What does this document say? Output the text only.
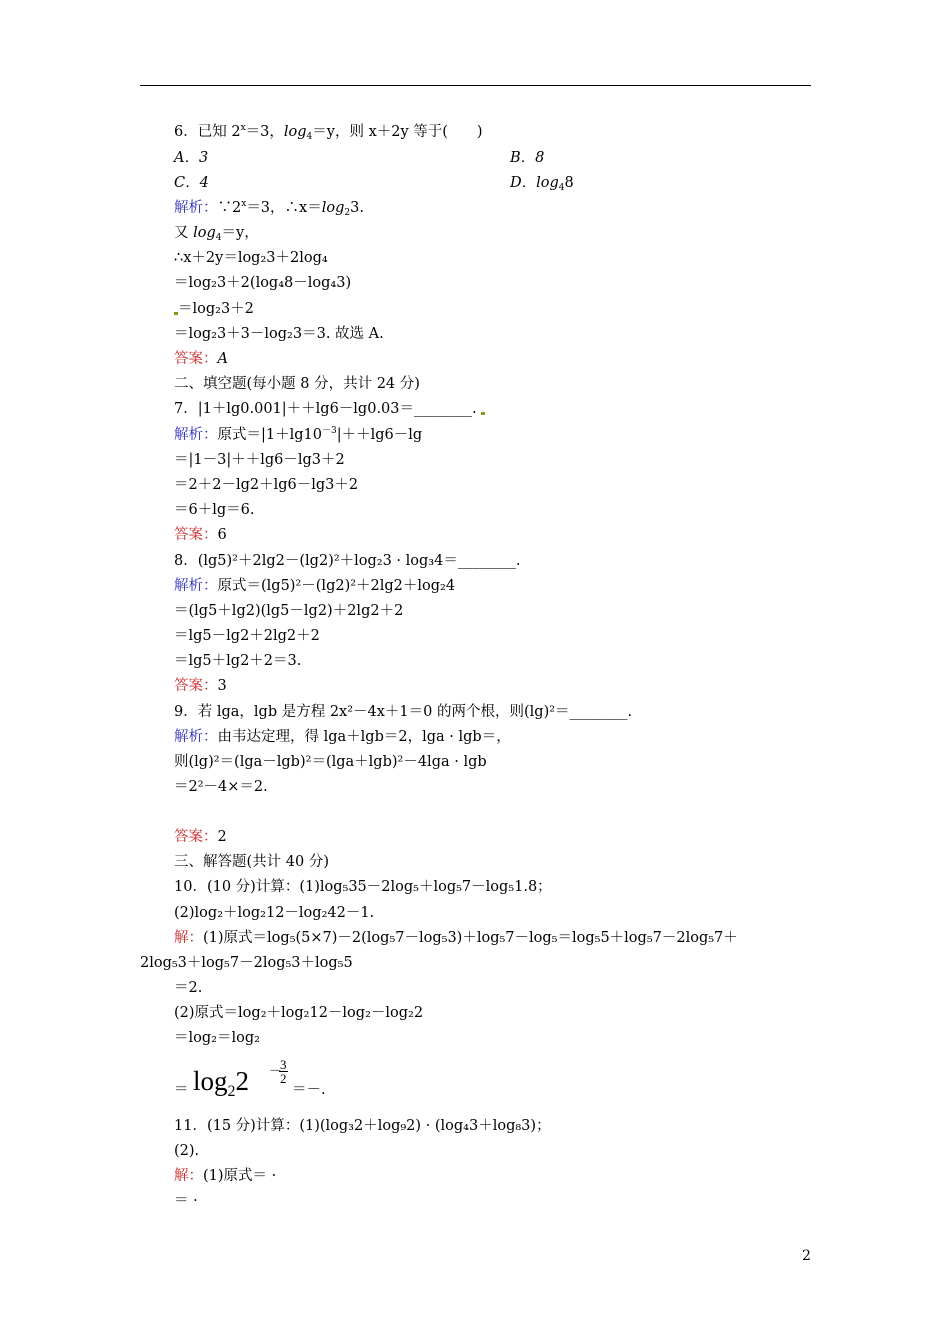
6．已知 $2^x=3$，$\log_4=y$，则 x＋2y 等于(　　)
A．3	B．8
C．4	D．$\log_48$
解析：$\because 2^x=3$，$\therefore x=\log_23$.
又 $\log_4=y$，
∴x＋2y＝log₂3＋2log₄
＝log₂3＋2(log₄8－log₄3)
＝log₂3＋2
＝log₂3＋3－log₂3＝3. 故选 A.
答案：A
二、填空题(每小题 8 分，共计 24 分)
7．|1＋lg0.001|＋＋lg6－lg0.03＝________.
解析：原式$=|1+\lg 10^{-3}|++\lg 6-\lg$
＝|1－3|＋＋lg6－lg3＋2
＝2＋2－lg2＋lg6－lg3＋2
＝6＋lg＝6.
答案：6
8．(lg5)²＋2lg2－(lg2)²＋log₂3 · log₃4＝________.
解析：原式＝(lg5)²－(lg2)²＋2lg2＋log₂4
＝(lg5＋lg2)(lg5－lg2)＋2lg2＋2
＝lg5－lg2＋2lg2＋2
＝lg5＋lg2＋2＝3.
答案：3
9．若 lga，lgb 是方程 2x²－4x＋1＝0 的两个根，则(lg)²＝________.
解析：由韦达定理，得 lga＋lgb＝2，lga · lgb＝，
则(lg)²＝(lga－lgb)²＝(lga＋lgb)²－4lga · lgb
＝2²－4×＝2.
答案：2
三、解答题(共计 40 分)
10．(10 分)计算：(1)log₅35－2log₅＋log₅7－log₅1.8；
(2)log₂＋log₂12－log₂42－1.
解：(1)原式＝log₅(5×7)－2(log₅7－log₅3)＋log₅7－log₅＝log₅5＋log₅7－2log₅7＋
2log₅3＋log₅7－2log₅3＋log₅5
＝2.
(2)原式＝log₂＋log₂12－log₂－log₂2
＝log₂＝log₂
＝ $\log_22$ －
3
2
＝－.
11．(15 分)计算：(1)(log₃2＋log₉2) · (log₄3＋log₈3)；
(2).
解：(1)原式＝ ·
＝ ·
2
